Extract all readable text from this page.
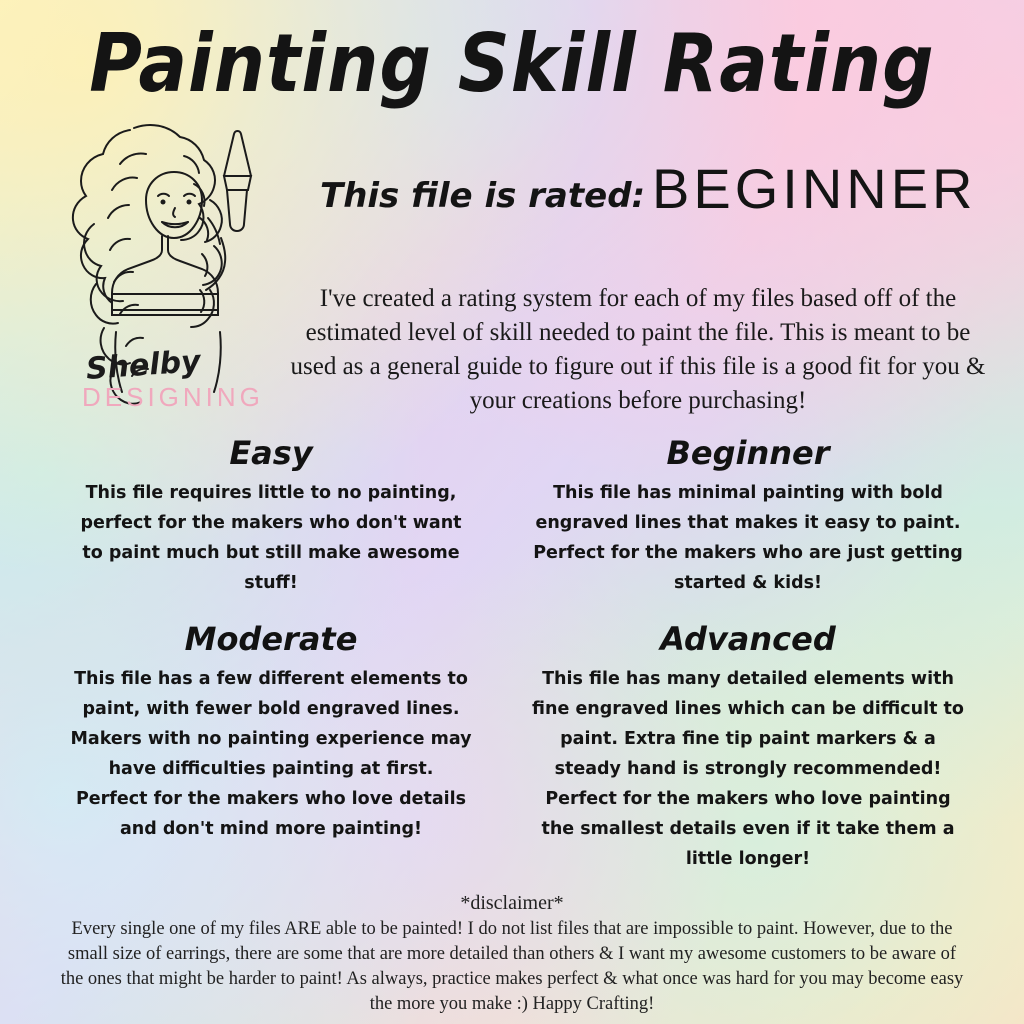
Painting Skill Rating
Shelby
DESIGNING
This file is rated: BEGINNER
I've created a rating system for each of my files based off of the estimated level of skill needed to paint the file. This is meant to be used as a general guide to figure out if this file is a good fit for you & your creations before purchasing!
Easy
This file requires little to no painting, perfect for the makers who don't want to paint much but still make awesome stuff!
Beginner
This file has minimal painting with bold engraved lines that makes it easy to paint. Perfect for the makers who are just getting started & kids!
Moderate
This file has a few different elements to paint, with fewer bold engraved lines. Makers with no painting experience may have difficulties painting at first. Perfect for the makers who love details and don't mind more painting!
Advanced
This file has many detailed elements with fine engraved lines which can be difficult to paint. Extra fine tip paint markers & a steady hand is strongly recommended! Perfect for the makers who love painting the smallest details even if it take them a little longer!
*disclaimer*
Every single one of my files ARE able to be painted! I do not list files that are impossible to paint. However, due to the small size of earrings, there are some that are more detailed than others & I want my awesome customers to be aware of the ones that might be harder to paint! As always, practice makes perfect & what once was hard for you may become easy the more you make :) Happy Crafting!
